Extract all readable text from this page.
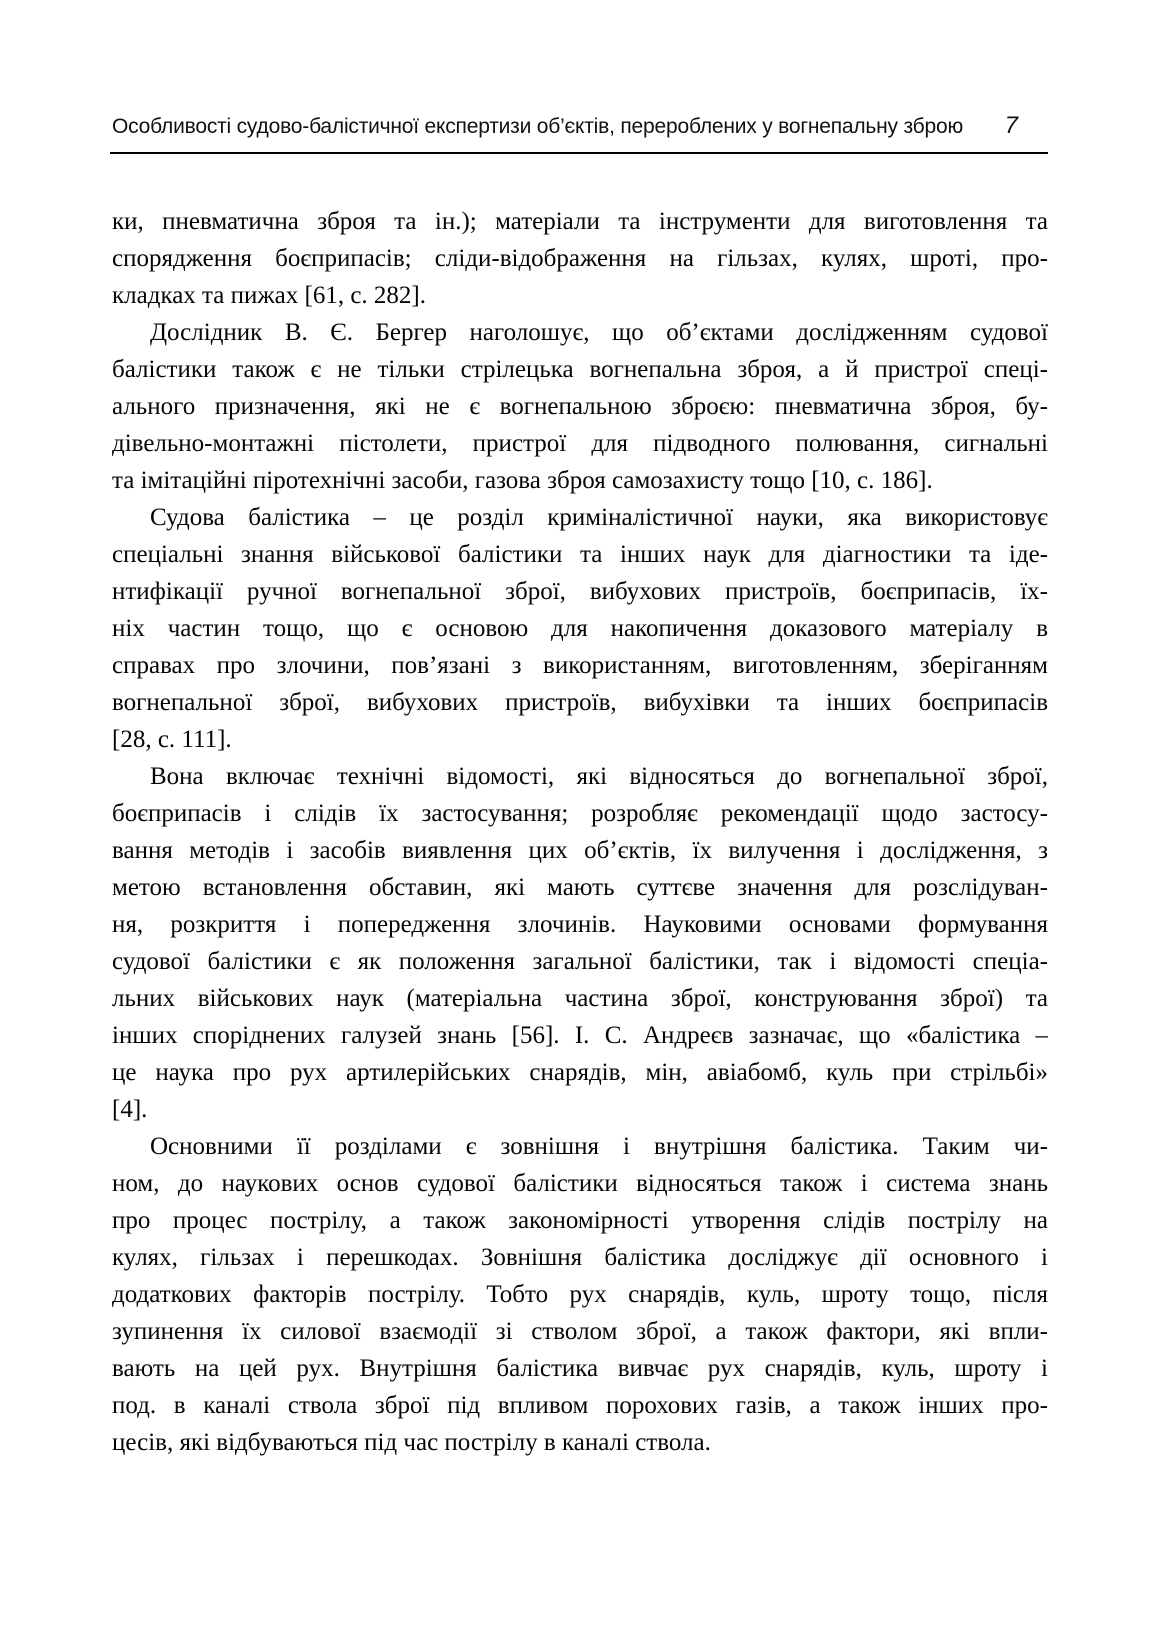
Особливості судово-балістичної експертизи об’єктів, перероблених у вогнепальну зброю 7
ки, пневматична зброя та ін.); матеріали та інструменти для виготовлення та
спорядження боєприпасів; сліди-відображення на гільзах, кулях, шроті, про-
кладках та пижах [61, с. 282].
Дослідник В. Є. Бергер наголошує, що об’єктами дослідженням судової
балістики також є не тільки стрілецька вогнепальна зброя, а й пристрої спеці-
ального призначення, які не є вогнепальною зброєю: пневматична зброя, бу-
дівельно-монтажні пістолети, пристрої для підводного полювання, сигнальні
та імітаційні піротехнічні засоби, газова зброя самозахисту тощо [10, с. 186].
Судова балістика – це розділ криміналістичної науки, яка використовує
спеціальні знання військової балістики та інших наук для діагностики та іде-
нтифікації ручної вогнепальної зброї, вибухових пристроїв, боєприпасів, їх-
ніх частин тощо, що є основою для накопичення доказового матеріалу в
справах про злочини, пов’язані з використанням, виготовленням, зберіганням
вогнепальної зброї, вибухових пристроїв, вибухівки та інших боєприпасів
[28, с. 111].
Вона включає технічні відомості, які відносяться до вогнепальної зброї,
боєприпасів і слідів їх застосування; розробляє рекомендації щодо застосу-
вання методів і засобів виявлення цих об’єктів, їх вилучення і дослідження, з
метою встановлення обставин, які мають суттєве значення для розслідуван-
ня, розкриття і попередження злочинів. Науковими основами формування
судової балістики є як положення загальної балістики, так і відомості спеціа-
льних військових наук (матеріальна частина зброї, конструювання зброї) та
інших споріднених галузей знань [56]. І. С. Андреєв зазначає, що «балістика –
це наука про рух артилерійських снарядів, мін, авіабомб, куль при стрільбі»
[4].
Основними її розділами є зовнішня і внутрішня балістика. Таким чи-
ном, до наукових основ судової балістики відносяться також і система знань
про процес пострілу, а також закономірності утворення слідів пострілу на
кулях, гільзах і перешкодах. Зовнішня балістика досліджує дії основного і
додаткових факторів пострілу. Тобто рух снарядів, куль, шроту тощо, після
зупинення їх силової взаємодії зі стволом зброї, а також фактори, які впли-
вають на цей рух. Внутрішня балістика вивчає рух снарядів, куль, шроту і
под. в каналі ствола зброї під впливом порохових газів, а також інших про-
цесів, які відбуваються під час пострілу в каналі ствола.
